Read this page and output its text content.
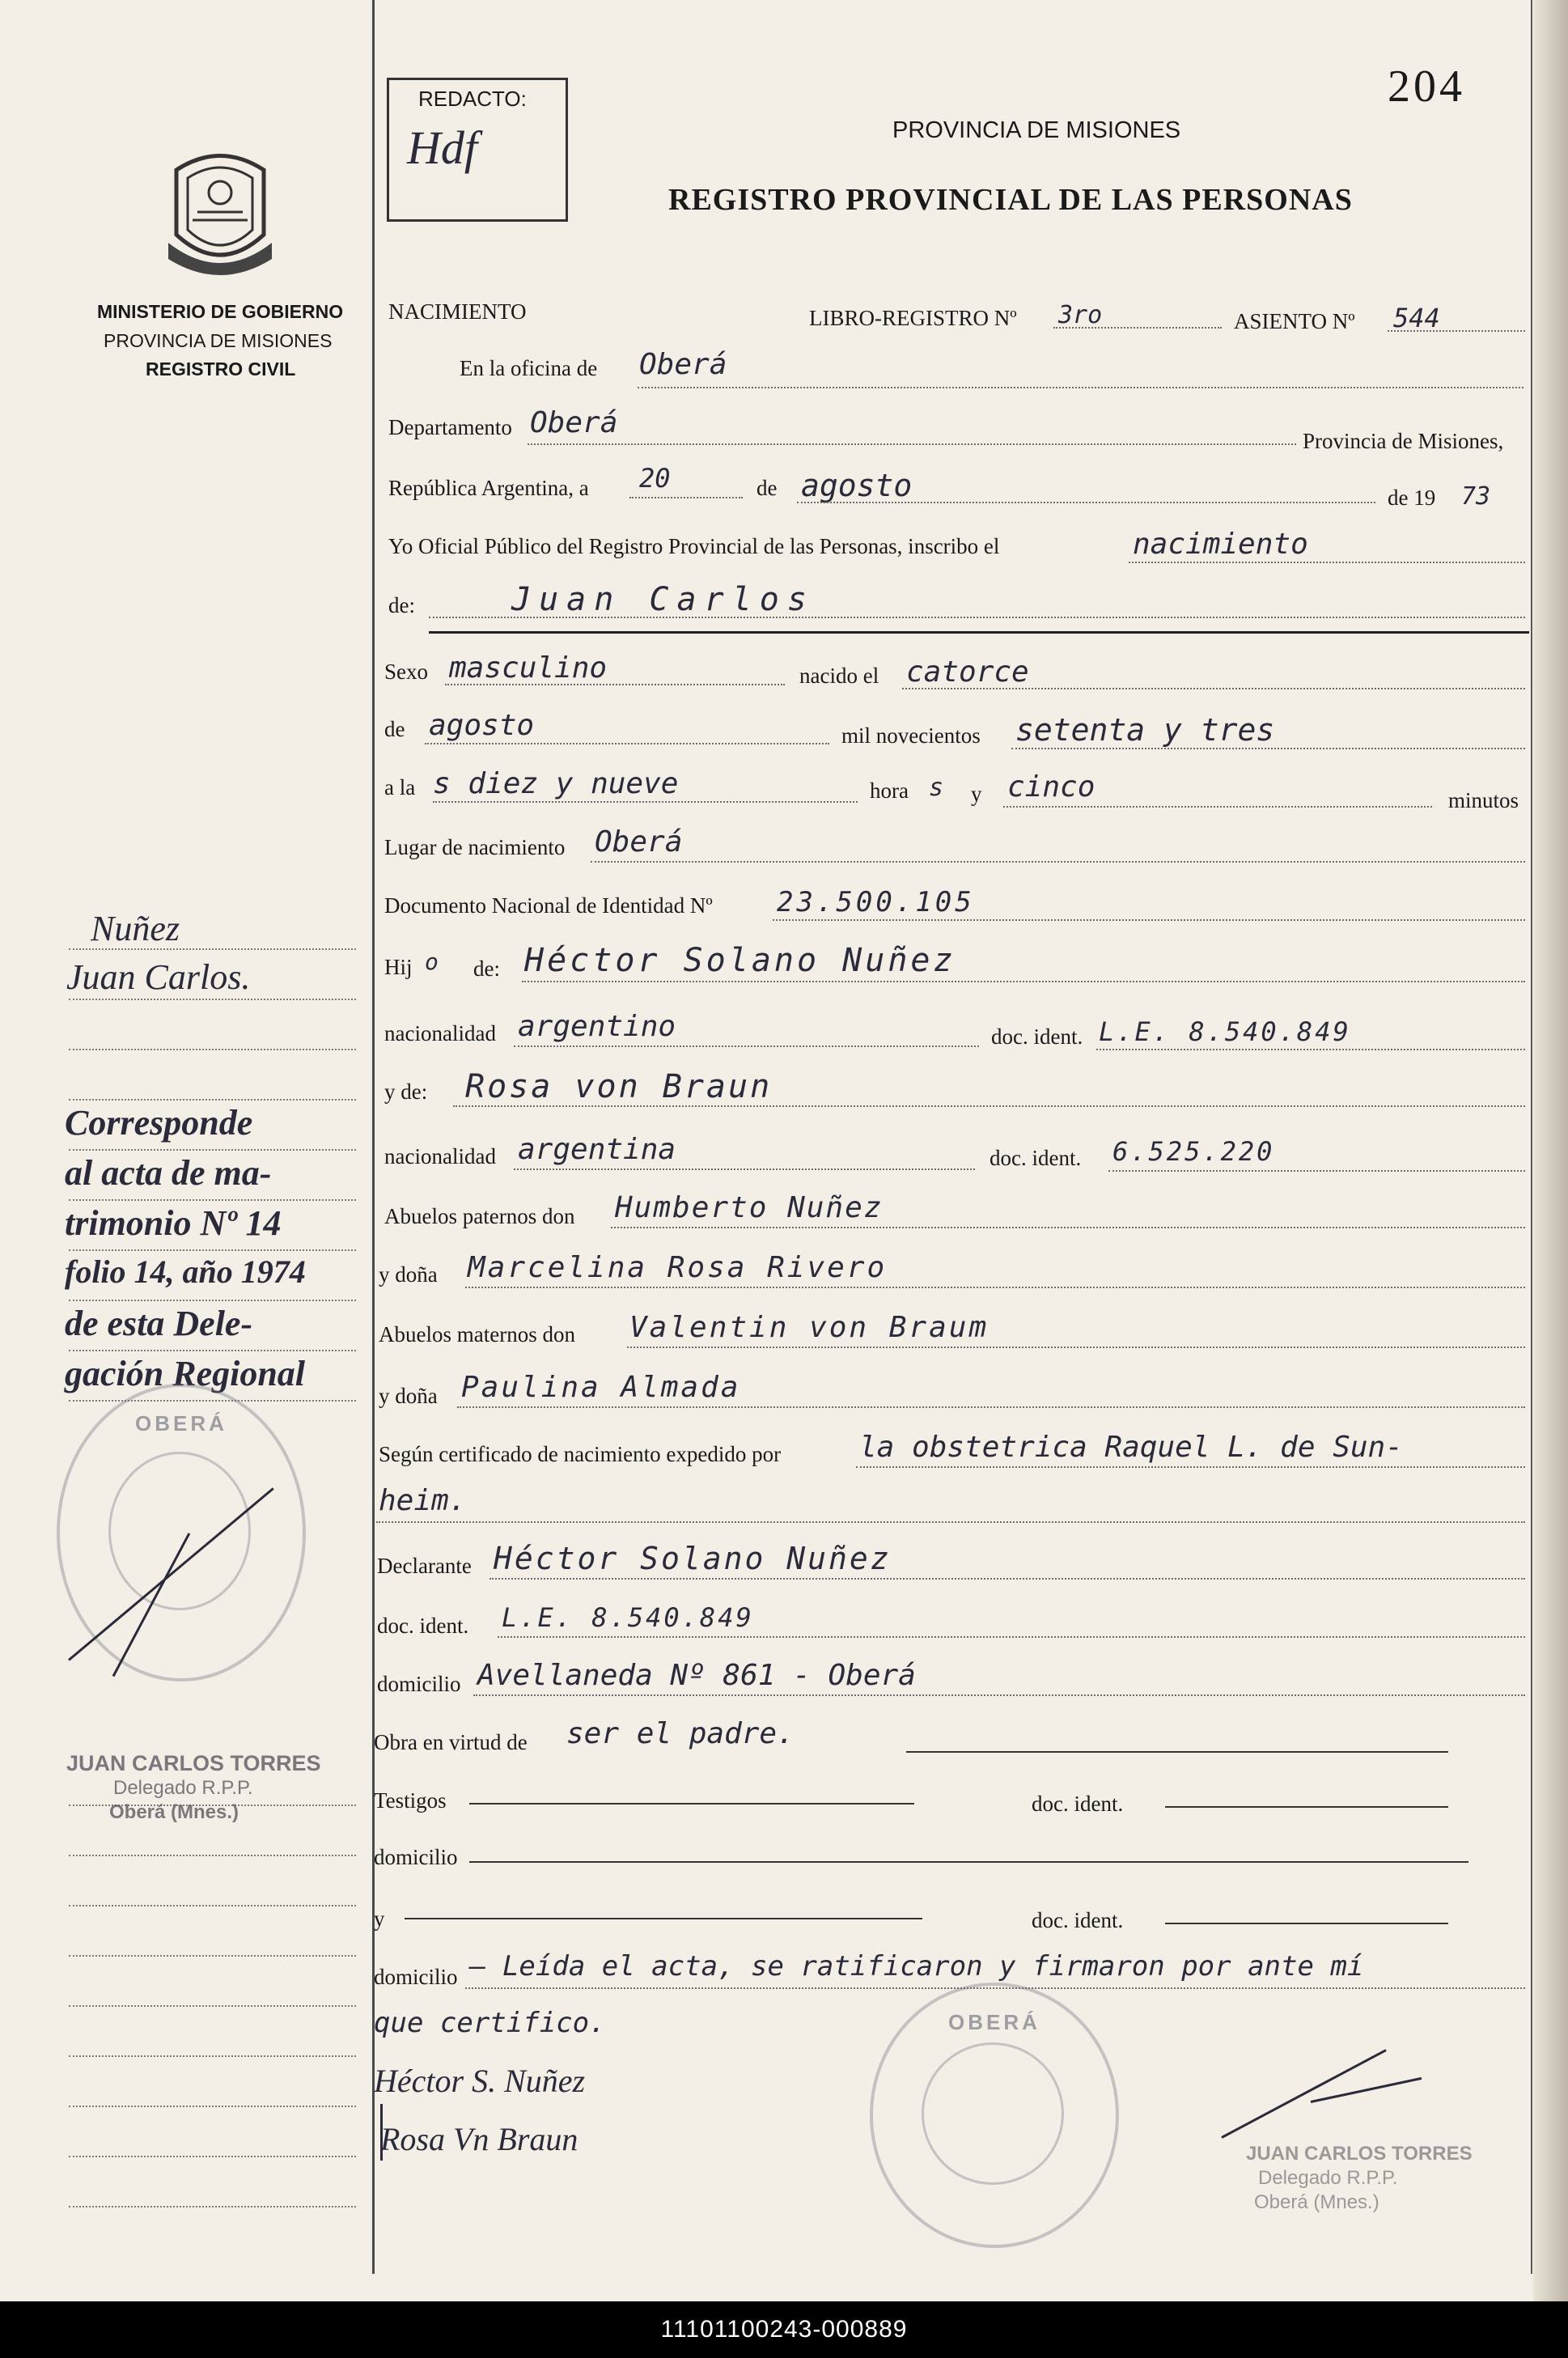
204
REDACTO:
Hdf	PROVINCIA DE MISIONES
REGISTRO PROVINCIAL DE LAS PERSONAS
MINISTERIO DE GOBIERNO
PROVINCIA DE MISIONES
REGISTRO CIVIL
NACIMIENTO	LIBRO-REGISTRO Nº 3ro	ASIENTO Nº 544
En la oficina de Oberá
Departamento Oberá
Provincia de Misiones,
República Argentina, a 20	de agosto	de 19 73
Yo Oficial Público del Registro Provincial de las Personas, inscribo el	nacimiento
de:	Juan Carlos
Sexo masculino	nacido el catorce
de agosto	mil novecientos setenta y tres
a la s diez y nueve	hora s y cinco	minutos
Lugar de nacimiento Oberá
Documento Nacional de Identidad Nº 23.500.105
Hij o de: Héctor Solano Nuñez
nacionalidad argentino	doc. ident. L.E. 8.540.849
y de: Rosa von Braun
nacionalidad argentina	doc. ident. 6.525.220
Abuelos paternos don Humberto Nuñez
y doña Marcelina Rosa Rivero
Abuelos maternos don Valentin von Braum
y doña Paulina Almada
Según certificado de nacimiento expedido por	la obstetrica Raquel L. de Sun-
heim.
Declarante Héctor Solano Nuñez
doc. ident. L.E. 8.540.849
domicilio Avellaneda Nº 861 - Oberá
Obra en virtud de ser el padre.
Testigos	doc. ident.
domicilio
y	doc. ident.
domicilio – Leída el acta, se ratificaron y firmaron por ante mí
que certifico.
Héctor S. Nuñez
Rosa Vn Braun
OBERÁ
JUAN CARLOS TORRES
Delegado R.P.P.
Oberá (Mnes.)
Nuñez
Juan Carlos.
Corresponde
al acta de ma-
trimonio Nº 14
folio 14, año 1974
de esta Dele-
gación Regional
OBERÁ
JUAN CARLOS TORRES
Delegado R.P.P.
Oberá (Mnes.)
11101100243-000889
